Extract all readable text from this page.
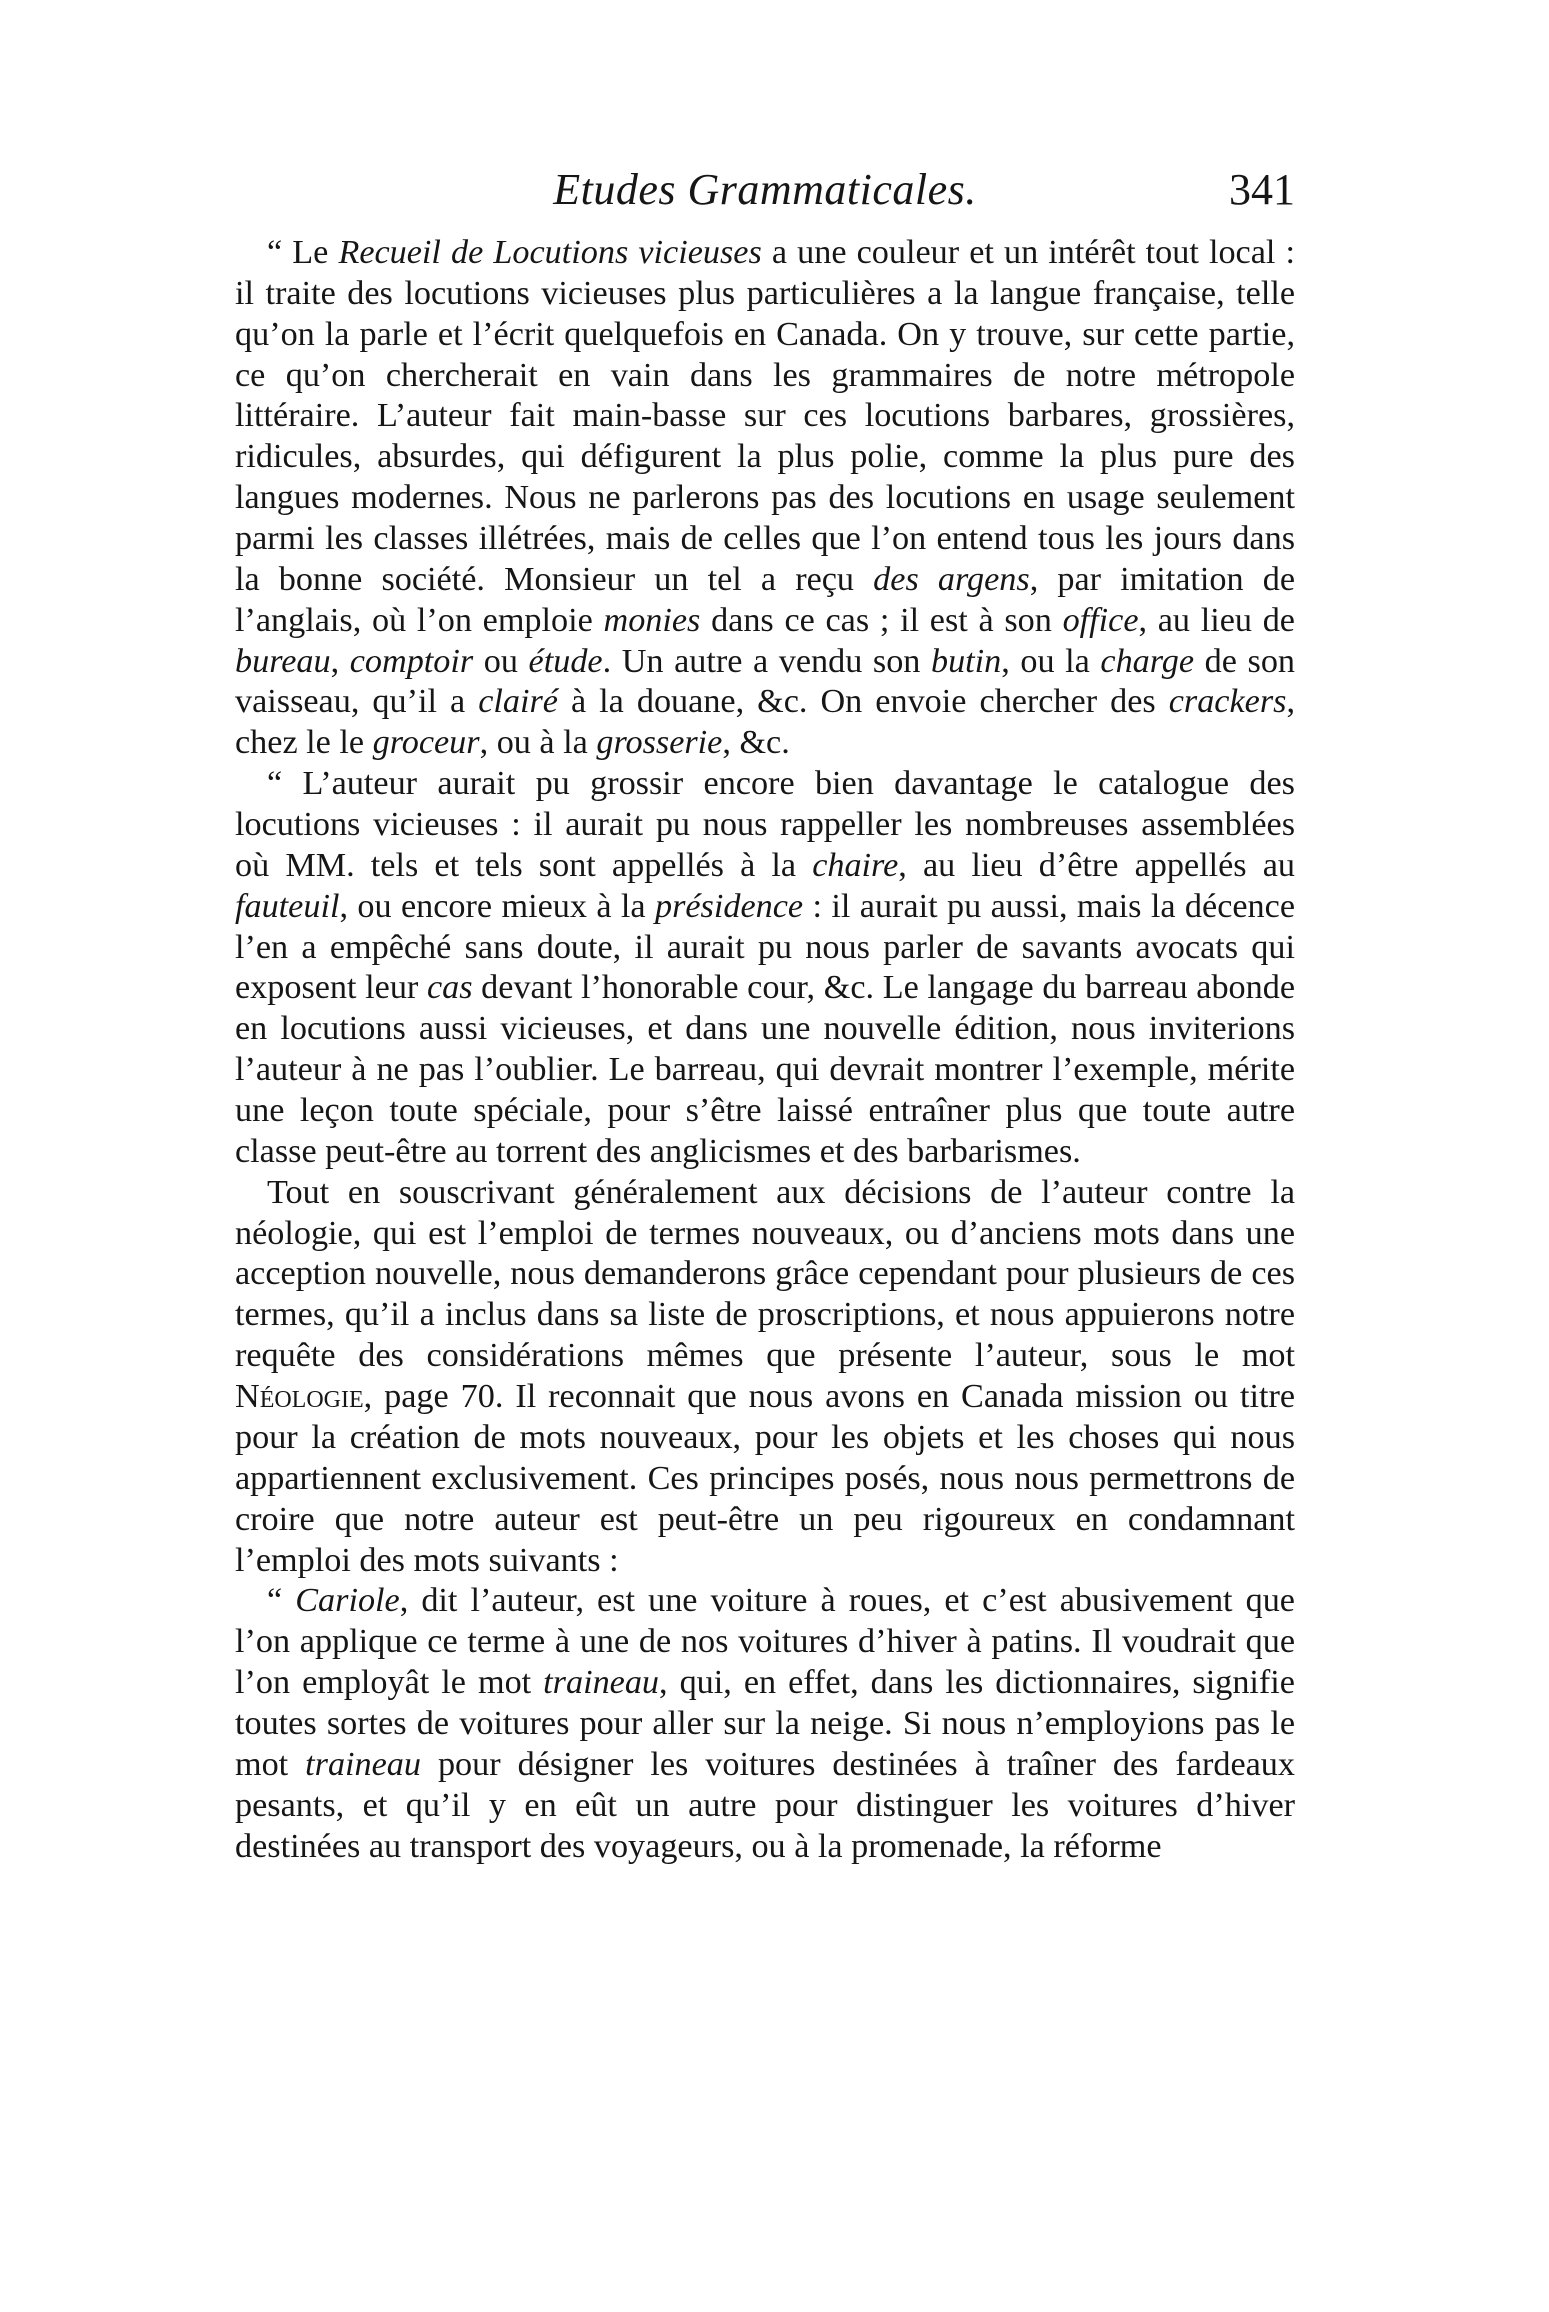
Etudes Grammaticales.	341

“ Le Recueil de Locutions vicieuses a une couleur et un intérêt tout local : il traite des locutions vicieuses plus particulières a la langue française, telle qu’on la parle et l’écrit quelquefois en Canada. On y trouve, sur cette partie, ce qu’on chercherait en vain dans les grammaires de notre métropole littéraire. L’auteur fait main-basse sur ces locutions barbares, grossières, ridicules, absurdes, qui défigurent la plus polie, comme la plus pure des langues modernes. Nous ne parlerons pas des locutions en usage seulement parmi les classes illétrées, mais de celles que l’on entend tous les jours dans la bonne société. Monsieur un tel a reçu des argens, par imitation de l’anglais, où l’on emploie monies dans ce cas ; il est à son office, au lieu de bureau, comptoir ou étude. Un autre a vendu son butin, ou la charge de son vaisseau, qu’il a clairé à la douane, &c. On envoie chercher des crackers, chez le le groceur, ou à la grosserie, &c.

“ L’auteur aurait pu grossir encore bien davantage le catalogue des locutions vicieuses : il aurait pu nous rappeller les nombreuses assemblées où MM. tels et tels sont appellés à la chaire, au lieu d’être appellés au fauteuil, ou encore mieux à la présidence : il aurait pu aussi, mais la décence l’en a empêché sans doute, il aurait pu nous parler de savants avocats qui exposent leur cas devant l’honorable cour, &c. Le langage du barreau abonde en locutions aussi vicieuses, et dans une nouvelle édition, nous inviterions l’auteur à ne pas l’oublier. Le barreau, qui devrait montrer l’exemple, mérite une leçon toute spéciale, pour s’être laissé entraîner plus que toute autre classe peut-être au torrent des anglicismes et des barbarismes.

Tout en souscrivant généralement aux décisions de l’auteur contre la néologie, qui est l’emploi de termes nouveaux, ou d’anciens mots dans une acception nouvelle, nous demanderons grâce cependant pour plusieurs de ces termes, qu’il a inclus dans sa liste de proscriptions, et nous appuierons notre requête des considérations mêmes que présente l’auteur, sous le mot Néologie, page 70. Il reconnait que nous avons en Canada mission ou titre pour la création de mots nouveaux, pour les objets et les choses qui nous appartiennent exclusivement. Ces principes posés, nous nous permettrons de croire que notre auteur est peut-être un peu rigoureux en condamnant l’emploi des mots suivants :

“ Cariole, dit l’auteur, est une voiture à roues, et c’est abusivement que l’on applique ce terme à une de nos voitures d’hiver à patins. Il voudrait que l’on employât le mot traineau, qui, en effet, dans les dictionnaires, signifie toutes sortes de voitures pour aller sur la neige. Si nous n’employions pas le mot traineau pour désigner les voitures destinées à traîner des fardeaux pesants, et qu’il y en eût un autre pour distinguer les voitures d’hiver destinées au transport des voyageurs, ou à la promenade, la réforme
